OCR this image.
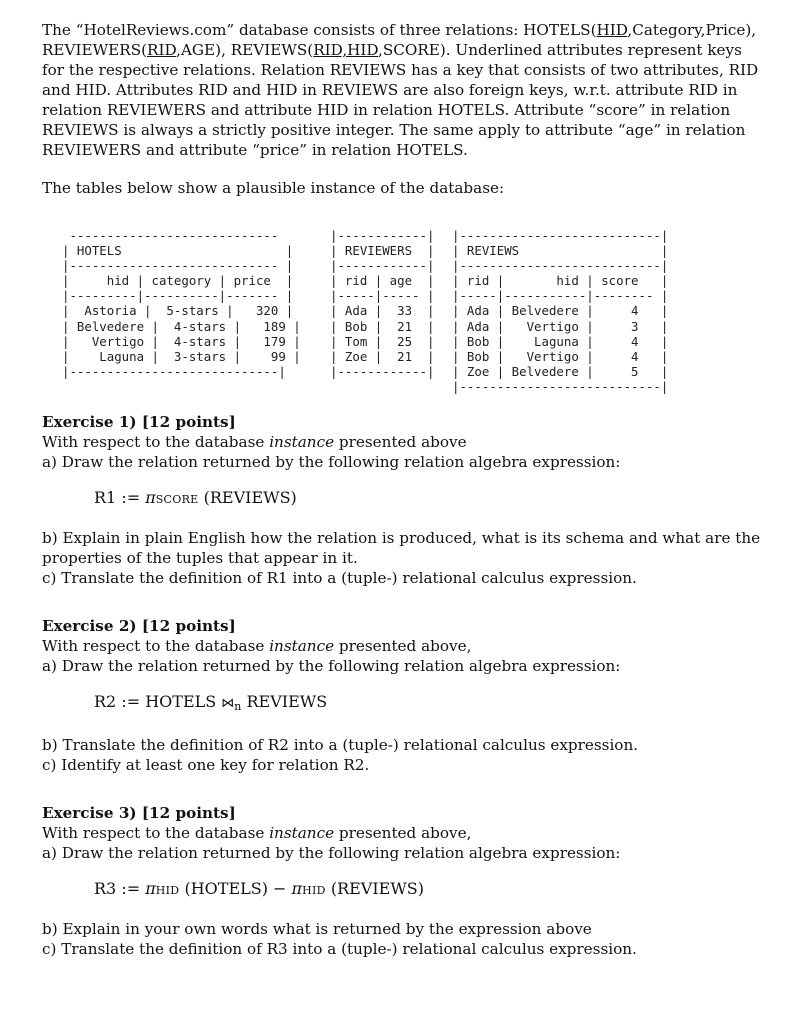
The “HotelReviews.com” database consists of three relations: HOTELS(HID,Category,Price), REVIEWERS(RID,AGE), REVIEWS(RID,HID,SCORE). Underlined attributes represent keys for the respective relations. Relation REVIEWS has a key that consists of two attributes, RID and HID. Attributes RID and HID in REVIEWS are also foreign keys, w.r.t. attribute RID in relation REVIEWERS and attribute HID in relation HOTELS. Attribute “score” in relation REVIEWS is always a strictly positive integer. The same apply to attribute “age” in relation REVIEWERS and attribute “price” in relation HOTELS.

The tables below show a plausible instance of the database:

----------------------------
| HOTELS                      |
|---------------------------- |
|     hid | category | price  |
|---------|----------|------- |
|  Astoria |  5-stars |   320 |
| Belvedere |  4-stars |   189 |
|   Vertigo |  4-stars |   179 |
|    Laguna |  3-stars |    99 |
|----------------------------|
|------------|
| REVIEWERS  |
|------------|
| rid | age  |
|-----|----- |
| Ada |  33  |
| Bob |  21  |
| Tom |  25  |
| Zoe |  21  |
|------------|
|---------------------------|
| REVIEWS                   |
|---------------------------|
| rid |       hid | score   |
|-----|-----------|-------- |
| Ada | Belvedere |     4   |
| Ada |   Vertigo |     3   |
| Bob |    Laguna |     4   |
| Bob |   Vertigo |     4   |
| Zoe | Belvedere |     5   |
|---------------------------|

Exercise 1) [12 points]

With respect to the database instance presented above

a) Draw the relation returned by the following relation algebra expression:

R1 := πSCORE (REVIEWS)

b) Explain in plain English how the relation is produced, what is its schema and what are the properties of the tuples that appear in it.

c) Translate the definition of R1 into a (tuple-) relational calculus expression.

Exercise 2) [12 points]

With respect to the database instance presented above,

a) Draw the relation returned by the following relation algebra expression:

R2 := HOTELS ⋈n REVIEWS

b) Translate the definition of R2 into a (tuple-) relational calculus expression.

c) Identify at least one key for relation R2.

Exercise 3) [12 points]

With respect to the database instance presented above,

a) Draw the relation returned by the following relation algebra expression:

R3 := πHID (HOTELS) − πHID (REVIEWS)

b) Explain in your own words what is returned by the expression above

c) Translate the definition of R3 into a (tuple-) relational calculus expression.
